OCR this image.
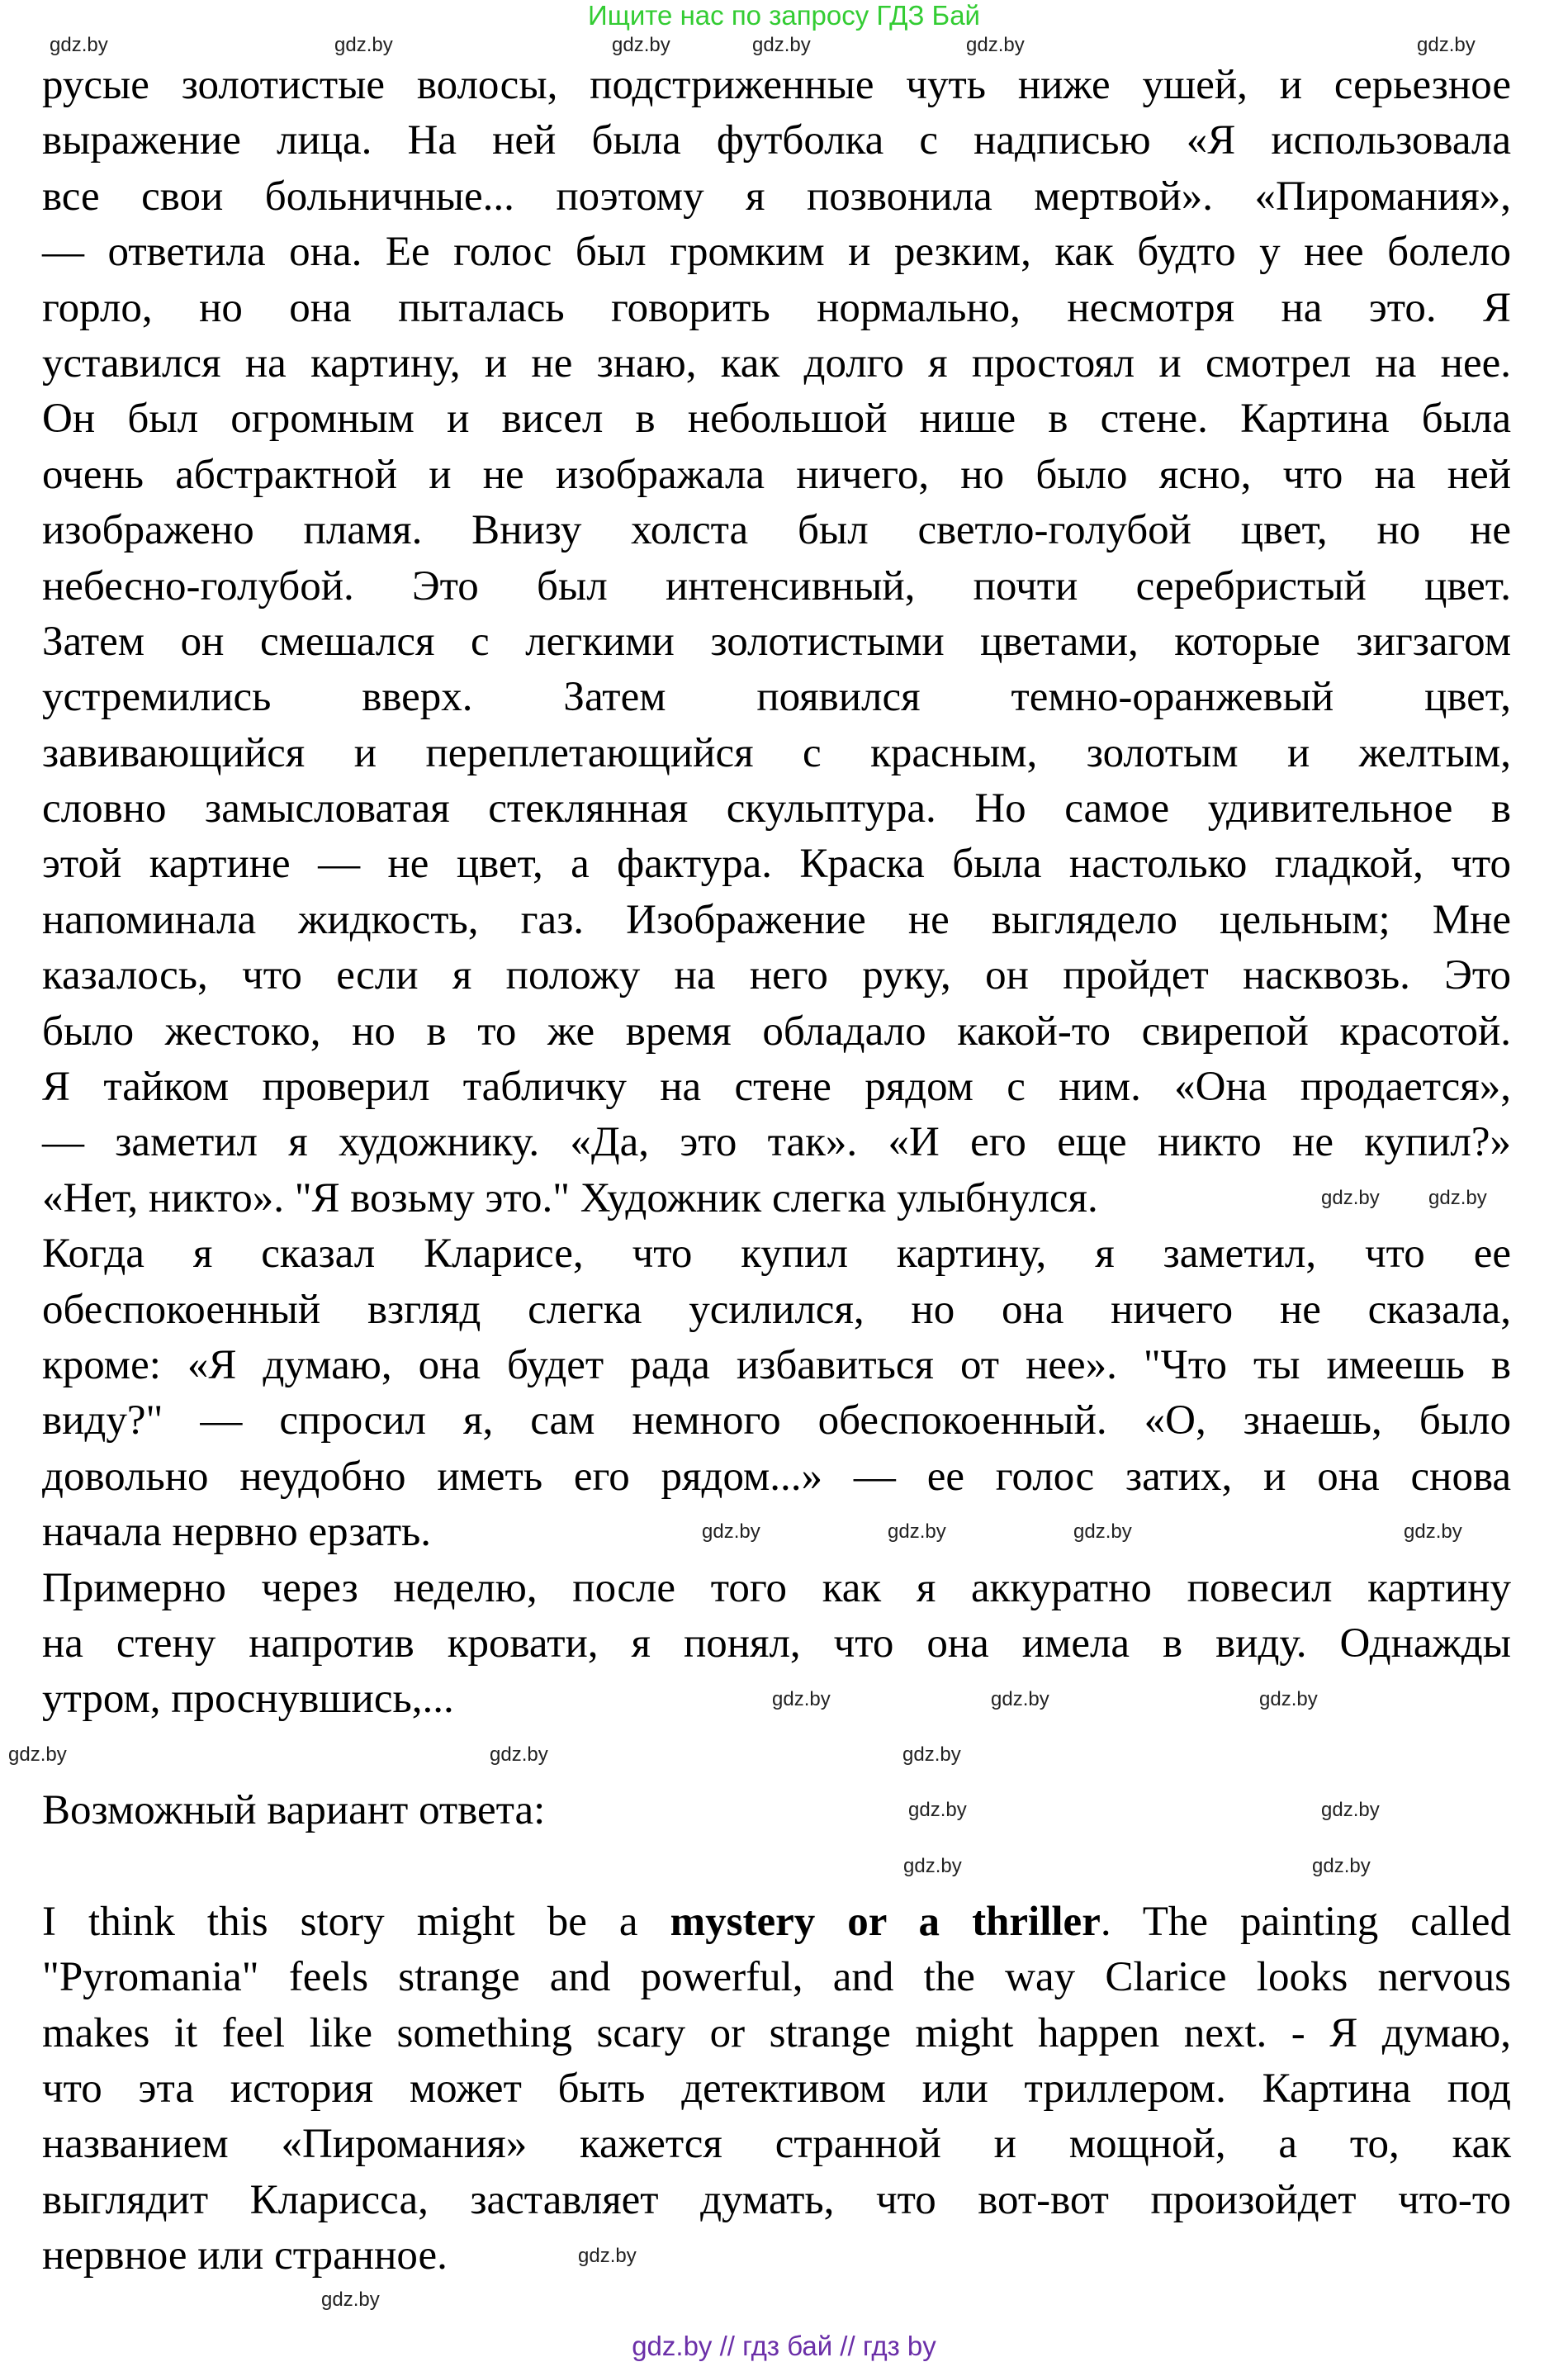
Ищите нас по запросу ГДЗ Бай
русые золотистые волосы, подстриженные чуть ниже ушей, и серьезное
выражение лица. На ней была футболка с надписью «Я использовала
все свои больничные... поэтому я позвонила мертвой». «Пиромания»,
— ответила она. Ее голос был громким и резким, как будто у нее болело
горло, но она пыталась говорить нормально, несмотря на это. Я
уставился на картину, и не знаю, как долго я простоял и смотрел на нее.
Он был огромным и висел в небольшой нише в стене. Картина была
очень абстрактной и не изображала ничего, но было ясно, что на ней
изображено пламя. Внизу холста был светло-голубой цвет, но не
небесно-голубой. Это был интенсивный, почти серебристый цвет.
Затем он смешался с легкими золотистыми цветами, которые зигзагом
устремились вверх. Затем появился темно-оранжевый цвет,
завивающийся и переплетающийся с красным, золотым и желтым,
словно замысловатая стеклянная скульптура. Но самое удивительное в
этой картине — не цвет, а фактура. Краска была настолько гладкой, что
напоминала жидкость, газ. Изображение не выглядело цельным; Мне
казалось, что если я положу на него руку, он пройдет насквозь. Это
было жестоко, но в то же время обладало какой-то свирепой красотой.
Я тайком проверил табличку на стене рядом с ним. «Она продается»,
— заметил я художнику. «Да, это так». «И его еще никто не купил?»
«Нет, никто». "Я возьму это." Художник слегка улыбнулся.
Когда я сказал Кларисе, что купил картину, я заметил, что ее
обеспокоенный взгляд слегка усилился, но она ничего не сказала,
кроме: «Я думаю, она будет рада избавиться от нее». "Что ты имеешь в
виду?" — спросил я, сам немного обеспокоенный. «О, знаешь, было
довольно неудобно иметь его рядом...» — ее голос затих, и она снова
начала нервно ерзать.
Примерно через неделю, после того как я аккуратно повесил картину
на стену напротив кровати, я понял, что она имела в виду. Однажды
утром, проснувшись,...
Возможный вариант ответа:
I think this story might be a mystery or a thriller. The painting called
"Pyromania" feels strange and powerful, and the way Clarice looks nervous
makes it feel like something scary or strange might happen next. - Я думаю,
что эта история может быть детективом или триллером. Картина под
названием «Пиромания» кажется странной и мощной, а то, как
выглядит Кларисса, заставляет думать, что вот-вот произойдет что-то
нервное или странное.
gdz.by	gdz.by	gdz.by	gdz.by	gdz.by	gdz.by
gdz.by gdz.by
gdz.by	gdz.by	gdz.by	gdz.by
gdz.by	gdz.by	gdz.by
gdz.by	gdz.by	gdz.by
gdz.by	gdz.by
gdz.by	gdz.by
gdz.by
gdz.by
gdz.by // гдз бай // гдз by
